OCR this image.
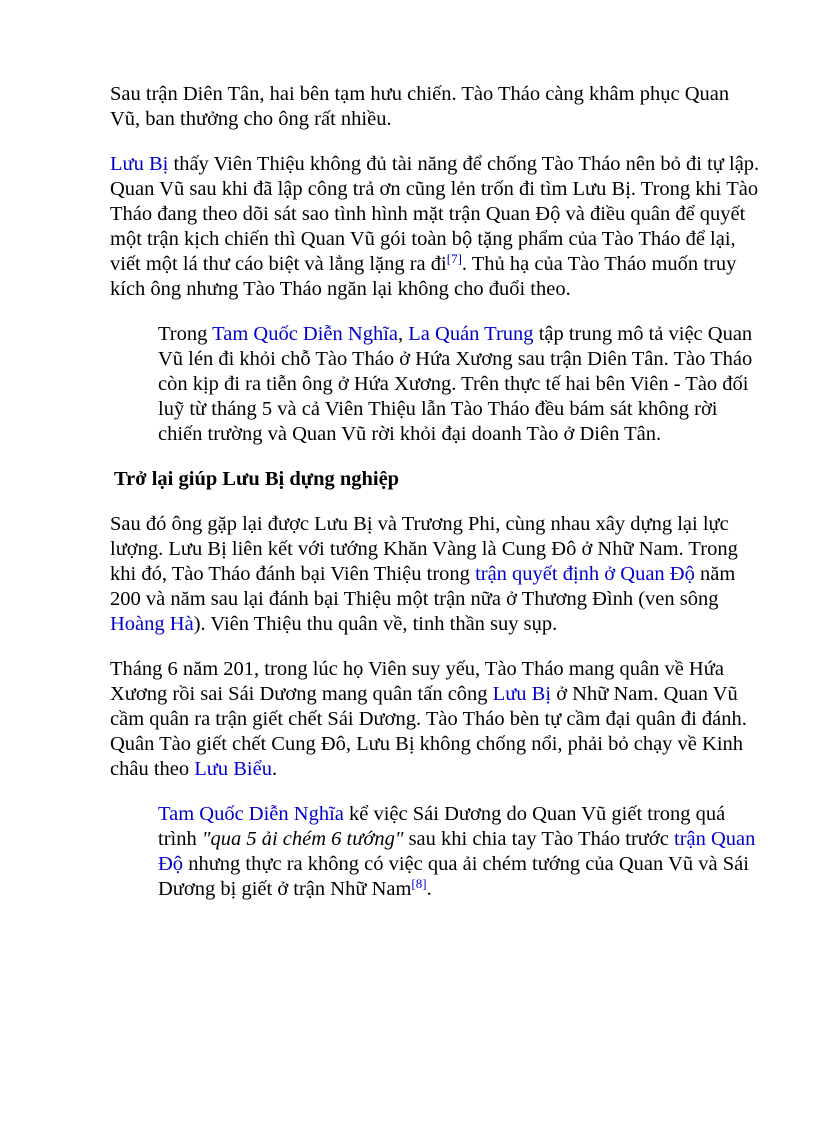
Sau trận Diên Tân, hai bên tạm hưu chiến. Tào Tháo càng khâm phục Quan Vũ, ban thưởng cho ông rất nhiều.

Lưu Bị thấy Viên Thiệu không đủ tài năng để chống Tào Tháo nên bỏ đi tự lập. Quan Vũ sau khi đã lập công trả ơn cũng lẻn trốn đi tìm Lưu Bị. Trong khi Tào Tháo đang theo dõi sát sao tình hình mặt trận Quan Độ và điều quân để quyết một trận kịch chiến thì Quan Vũ gói toàn bộ tặng phẩm của Tào Tháo để lại, viết một lá thư cáo biệt và lẳng lặng ra đi[7]. Thủ hạ của Tào Tháo muốn truy kích ông nhưng Tào Tháo ngăn lại không cho đuổi theo.

Trong Tam Quốc Diễn Nghĩa, La Quán Trung tập trung mô tả việc Quan Vũ lén đi khỏi chỗ Tào Tháo ở Hứa Xương sau trận Diên Tân. Tào Tháo còn kịp đi ra tiễn ông ở Hứa Xương. Trên thực tế hai bên Viên - Tào đối luỹ từ tháng 5 và cả Viên Thiệu lẫn Tào Tháo đều bám sát không rời chiến trường và Quan Vũ rời khỏi đại doanh Tào ở Diên Tân.

Trở lại giúp Lưu Bị dựng nghiệp

Sau đó ông gặp lại được Lưu Bị và Trương Phi, cùng nhau xây dựng lại lực lượng. Lưu Bị liên kết với tướng Khăn Vàng là Cung Đô ở Nhữ Nam. Trong khi đó, Tào Tháo đánh bại Viên Thiệu trong trận quyết định ở Quan Độ năm 200 và năm sau lại đánh bại Thiệu một trận nữa ở Thương Đình (ven sông Hoàng Hà). Viên Thiệu thu quân về, tinh thần suy sụp.

Tháng 6 năm 201, trong lúc họ Viên suy yếu, Tào Tháo mang quân về Hứa Xương rồi sai Sái Dương mang quân tấn công Lưu Bị ở Nhữ Nam. Quan Vũ cầm quân ra trận giết chết Sái Dương. Tào Tháo bèn tự cầm đại quân đi đánh. Quân Tào giết chết Cung Đô, Lưu Bị không chống nổi, phải bỏ chạy về Kinh châu theo Lưu Biểu.

Tam Quốc Diễn Nghĩa kể việc Sái Dương do Quan Vũ giết trong quá trình "qua 5 ải chém 6 tướng" sau khi chia tay Tào Tháo trước trận Quan Độ nhưng thực ra không có việc qua ải chém tướng của Quan Vũ và Sái Dương bị giết ở trận Nhữ Nam[8].
